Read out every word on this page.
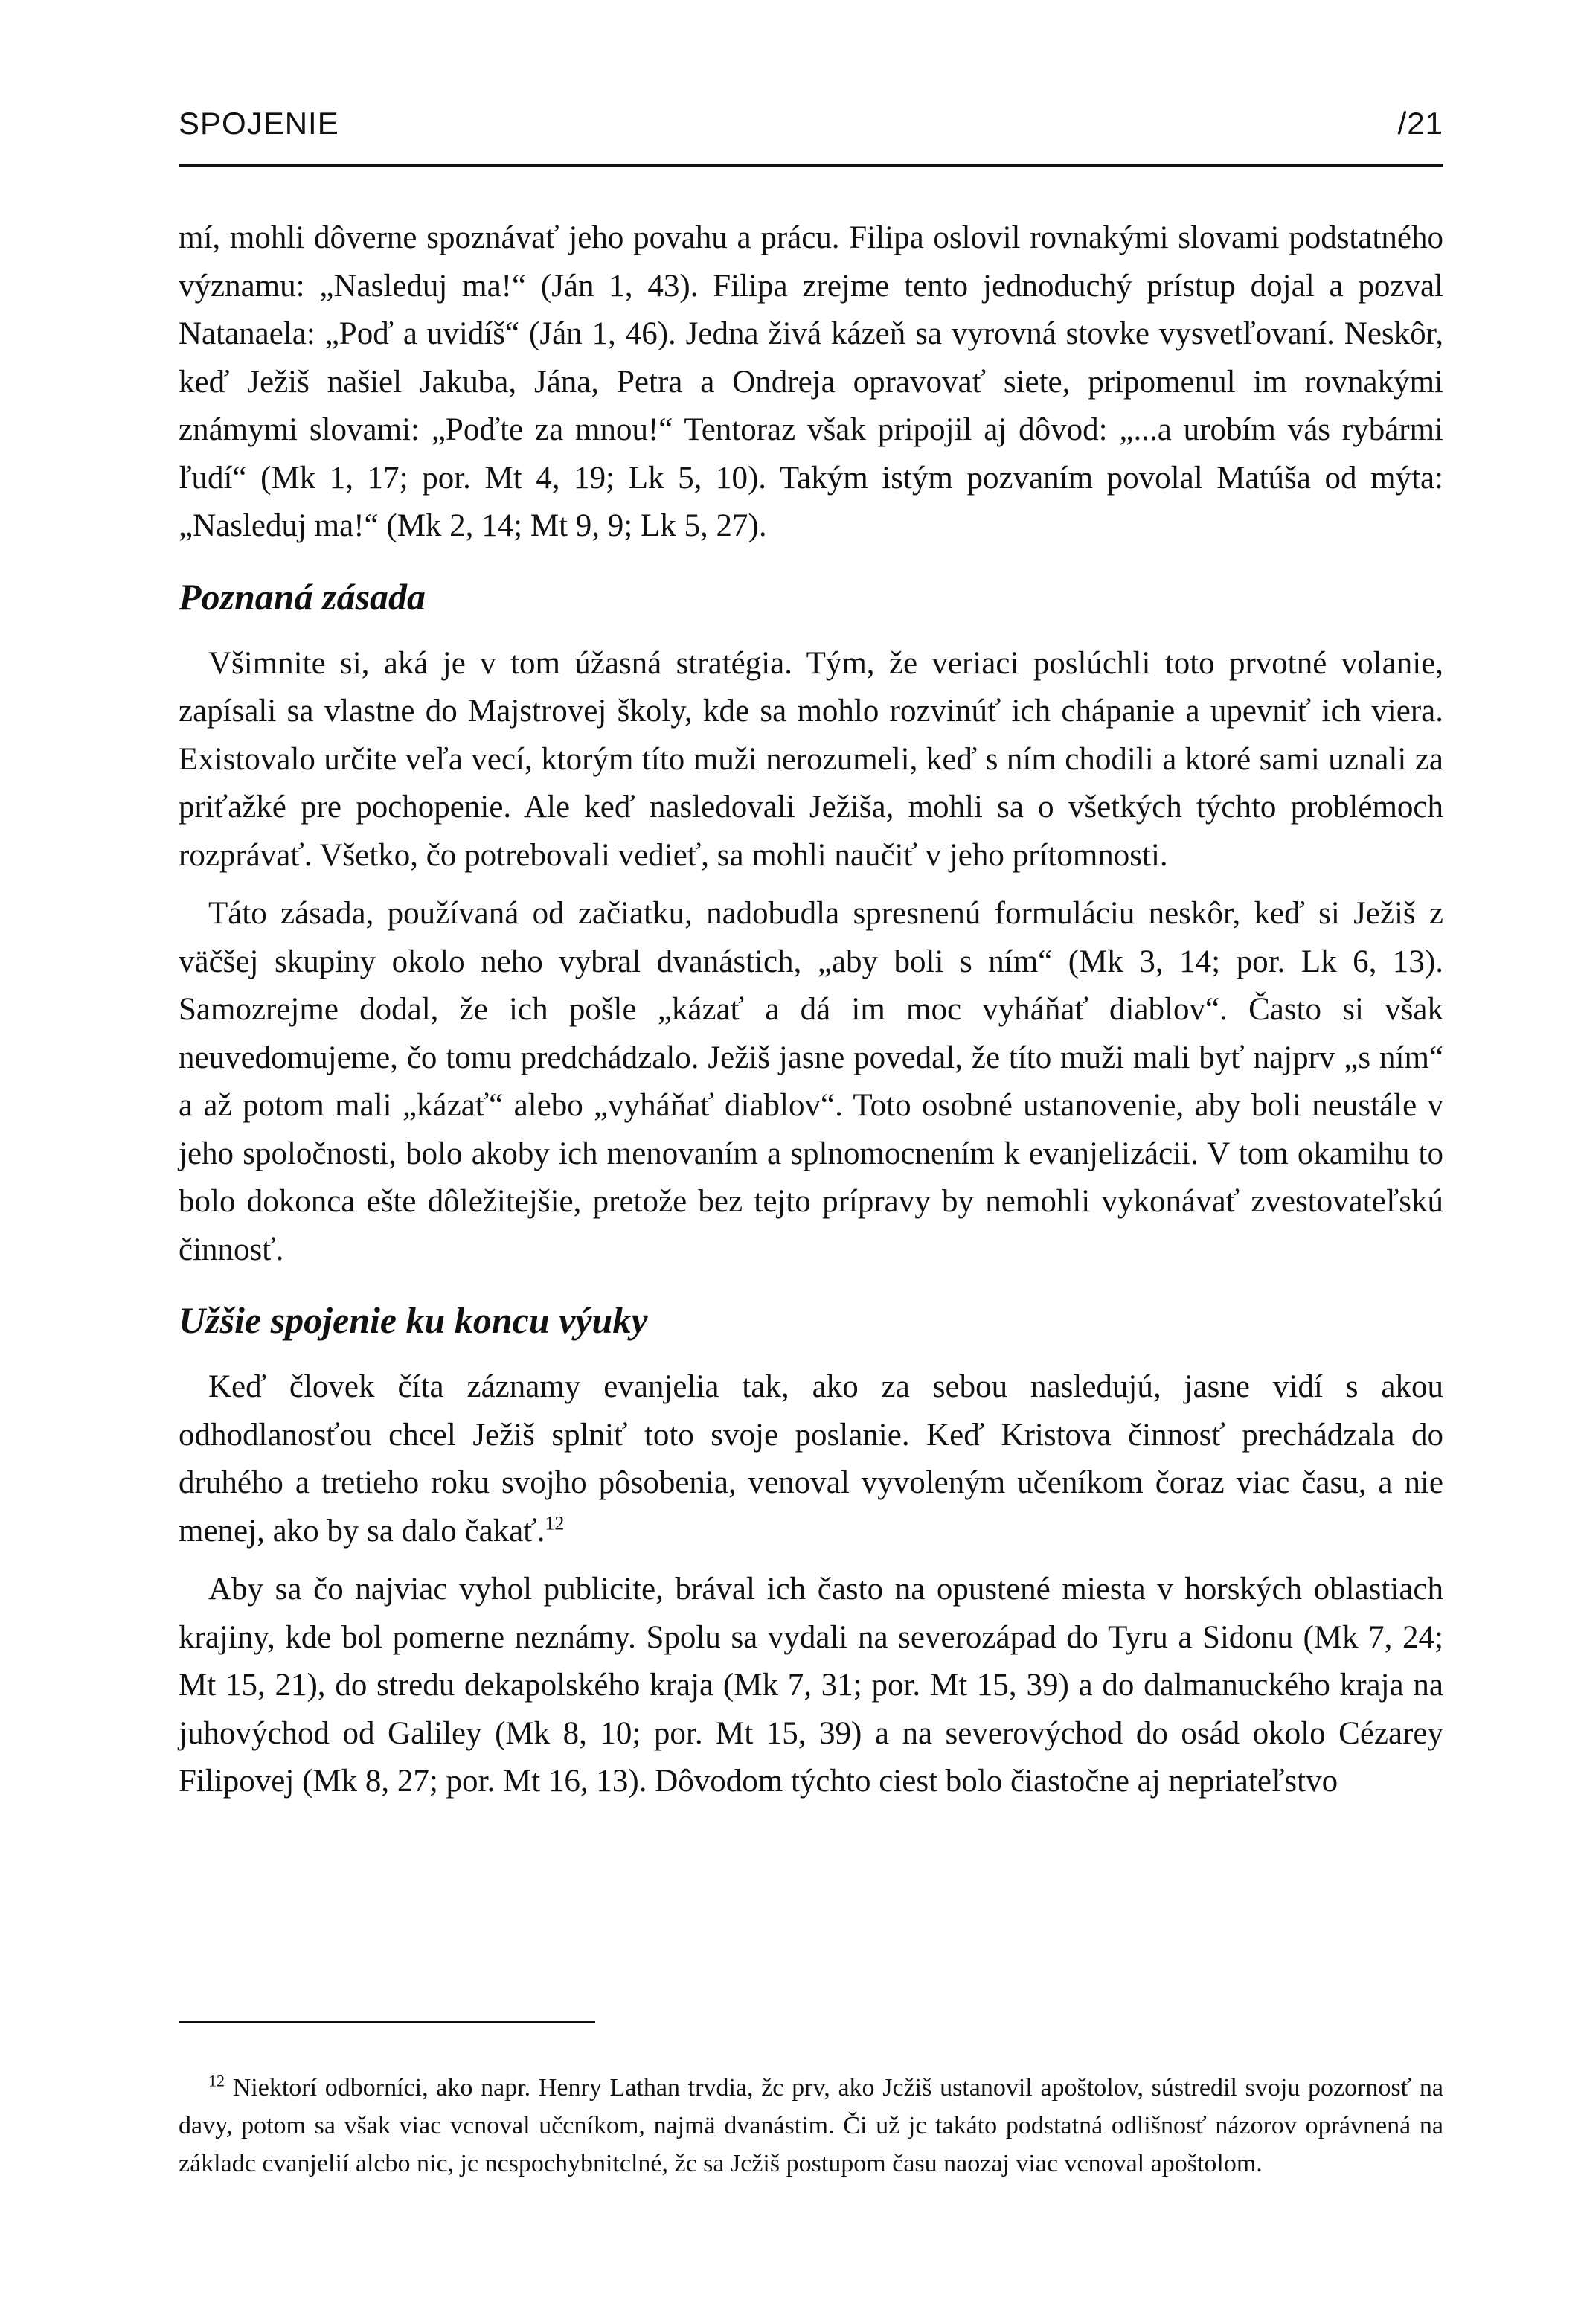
SPOJENIE	/21

mí, mohli dôverne spoznávať jeho povahu a prácu. Filipa oslovil rovnakými slovami podstatného významu: „Nasleduj ma!“ (Ján 1, 43). Filipa zrejme tento jednoduchý prístup dojal a pozval Natanaela: „Poď a uvidíš“ (Ján 1, 46). Jedna živá kázeň sa vyrovná stovke vysvetľovaní. Neskôr, keď Ježiš našiel Jakuba, Jána, Petra a Ondreja opravovať siete, pripomenul im rovnakými známymi slovami: „Poďte za mnou!“ Tentoraz však pripojil aj dôvod: „...a urobím vás rybármi ľudí“ (Mk 1, 17; por. Mt 4, 19; Lk 5, 10). Takým istým pozvaním povolal Matúša od mýta: „Nasleduj ma!“ (Mk 2, 14; Mt 9, 9; Lk 5, 27).

Poznaná zásada

Všimnite si, aká je v tom úžasná stratégia. Tým, že veriaci poslúchli toto prvotné volanie, zapísali sa vlastne do Majstrovej školy, kde sa mohlo rozvinúť ich chápanie a upevniť ich viera. Existovalo určite veľa vecí, ktorým títo muži nerozumeli, keď s ním chodili a ktoré sami uznali za priťažké pre pochopenie. Ale keď nasledovali Ježiša, mohli sa o všetkých týchto problémoch rozprávať. Všetko, čo potrebovali vedieť, sa mohli naučiť v jeho prítomnosti.

Táto zásada, používaná od začiatku, nadobudla spresnenú formuláciu neskôr, keď si Ježiš z väčšej skupiny okolo neho vybral dvanástich, „aby boli s ním“ (Mk 3, 14; por. Lk 6, 13). Samozrejme dodal, že ich pošle „kázať a dá im moc vyháňať diablov“. Často si však neuvedomujeme, čo tomu predchádzalo. Ježiš jasne povedal, že títo muži mali byť najprv „s ním“ a až potom mali „kázať“ alebo „vyháňať diablov“. Toto osobné ustanovenie, aby boli neustále v jeho spoločnosti, bolo akoby ich menovaním a splnomocnením k evanjelizácii. V tom okamihu to bolo dokonca ešte dôležitejšie, pretože bez tejto prípravy by nemohli vykonávať zvestovateľskú činnosť.

Užšie spojenie ku koncu výuky

Keď človek číta záznamy evanjelia tak, ako za sebou nasledujú, jasne vidí s akou odhodlanosťou chcel Ježiš splniť toto svoje poslanie. Keď Kristova činnosť prechádzala do druhého a tretieho roku svojho pôsobenia, venoval vyvoleným učeníkom čoraz viac času, a nie menej, ako by sa dalo čakať.$^{12}$

Aby sa čo najviac vyhol publicite, brával ich často na opustené miesta v horských oblastiach krajiny, kde bol pomerne neznámy. Spolu sa vydali na severozápad do Tyru a Sidonu (Mk 7, 24; Mt 15, 21), do stredu dekapolského kraja (Mk 7, 31; por. Mt 15, 39) a do dalmanuckého kraja na juhovýchod od Galiley (Mk 8, 10; por. Mt 15, 39) a na severovýchod do osád okolo Cézarey Filipovej (Mk 8, 27; por. Mt 16, 13). Dôvodom týchto ciest bolo čiastočne aj nepriateľstvo

$^{12}$ Niektorí odborníci, ako napr. Henry Lathan trvdia, žc prv, ako Jcžiš ustanovil apoštolov, sústredil svoju pozornosť na davy, potom sa však viac vcnoval učcníkom, najmä dvanástim. Či už jc takáto podstatná odlišnosť názorov oprávnená na základc cvanjelií alcbo nic, jc ncspochybnitclné, žc sa Jcžiš postupom času naozaj viac vcnoval apoštolom.
